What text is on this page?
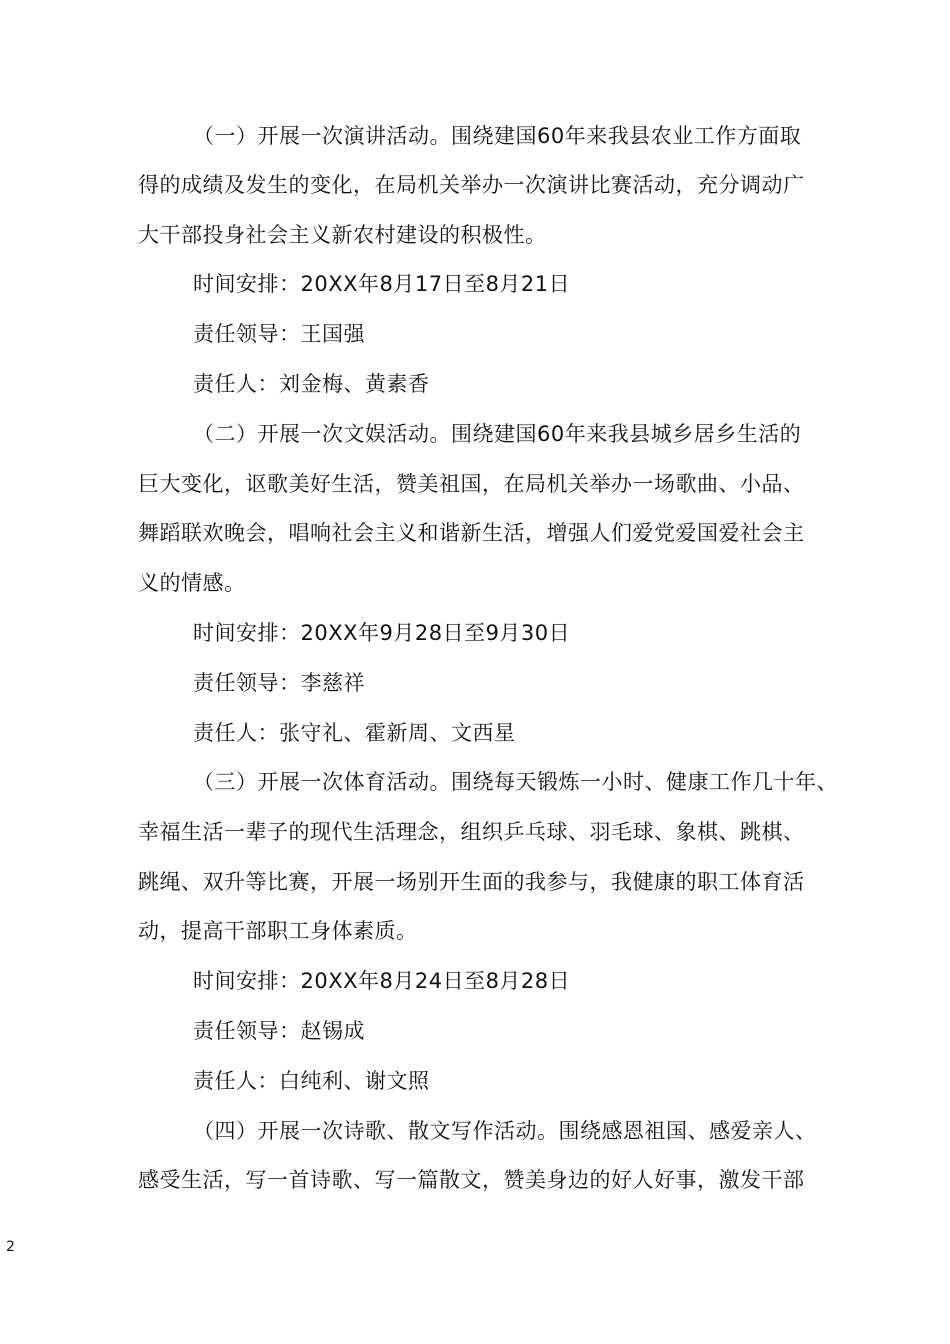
（一）开展一次演讲活动。围绕建国60年来我县农业工作方面取
得的成绩及发生的变化，在局机关举办一次演讲比赛活动，充分调动广
大干部投身社会主义新农村建设的积极性。
时间安排：20XX年8月17日至8月21日
责任领导：王国强
责任人：刘金梅、黄素香
（二）开展一次文娱活动。围绕建国60年来我县城乡居乡生活的
巨大变化，讴歌美好生活，赞美祖国，在局机关举办一场歌曲、小品、
舞蹈联欢晚会，唱响社会主义和谐新生活，增强人们爱党爱国爱社会主
义的情感。
时间安排：20XX年9月28日至9月30日
责任领导：李慈祥
责任人：张守礼、霍新周、文西星
（三）开展一次体育活动。围绕每天锻炼一小时、健康工作几十年、
幸福生活一辈子的现代生活理念，组织乒乓球、羽毛球、象棋、跳棋、
跳绳、双升等比赛，开展一场别开生面的我参与，我健康的职工体育活
动，提高干部职工身体素质。
时间安排：20XX年8月24日至8月28日
责任领导：赵锡成
责任人：白纯利、谢文照
（四）开展一次诗歌、散文写作活动。围绕感恩祖国、感爱亲人、
感受生活，写一首诗歌、写一篇散文，赞美身边的好人好事，激发干部
2
